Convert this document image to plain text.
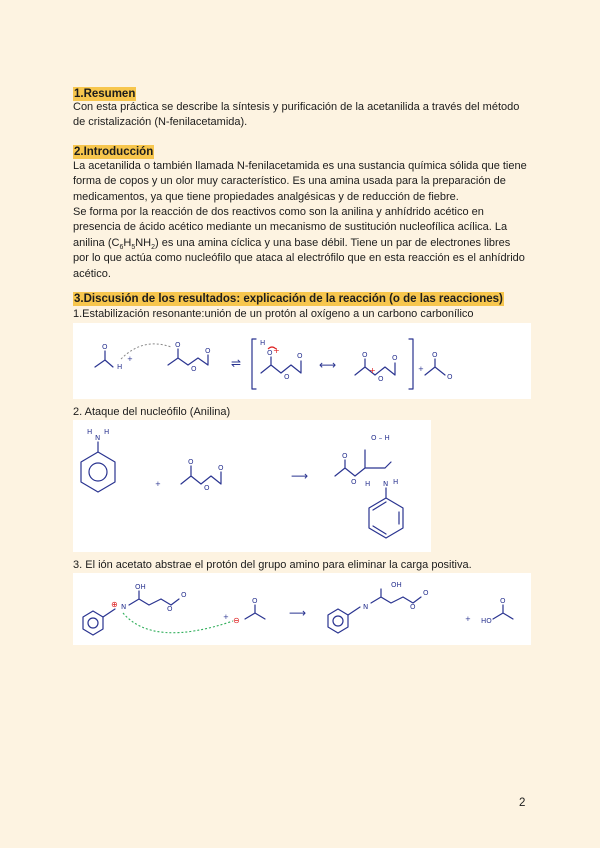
1.Resumen
Con esta práctica se describe la síntesis y purificación de la acetanilida a través del método de cristalización (N-fenilacetamida).
2.Introducción
La acetanilida o también llamada N-fenilacetamida es una sustancia química sólida que tiene forma de copos y un olor muy característico. Es una amina usada para la preparación de medicamentos, ya que tiene propiedades analgésicas y de reducción de fiebre.
Se forma por la reacción de dos reactivos como son la anilina y anhídrido acético en presencia de ácido acético mediante un mecanismo de sustitución nucleofílica acílica. La anilina $(C_6H_5NH_2)$ es una amina cíclica y una base débil. Tiene un par de electrones libres por lo que actúa como nucleófilo que ataca al electrófilo que en esta reacción es el anhídrido acético.
3.Discusión de los resultados: explicación de la reacción (o de las reacciones)
1.Estabilización resonante:unión de un protón al oxígeno a un carbono carbonílico
O
H
+
O
O
O
⇌
H
O +
O
O
⟷
O
+
O
O
+
O
O
2. Ataque del nucleófilo (Anilina)
H
N
H
+
O
O
O
⟶
O
O
O – H
H N H
3. El ión acetato abstrae el protón del grupo amino para eliminar la carga positiva.
⊕ N
OH
O
O
+ ⊖
O
⟶	N
OH
O
O
+ HO
O
2
